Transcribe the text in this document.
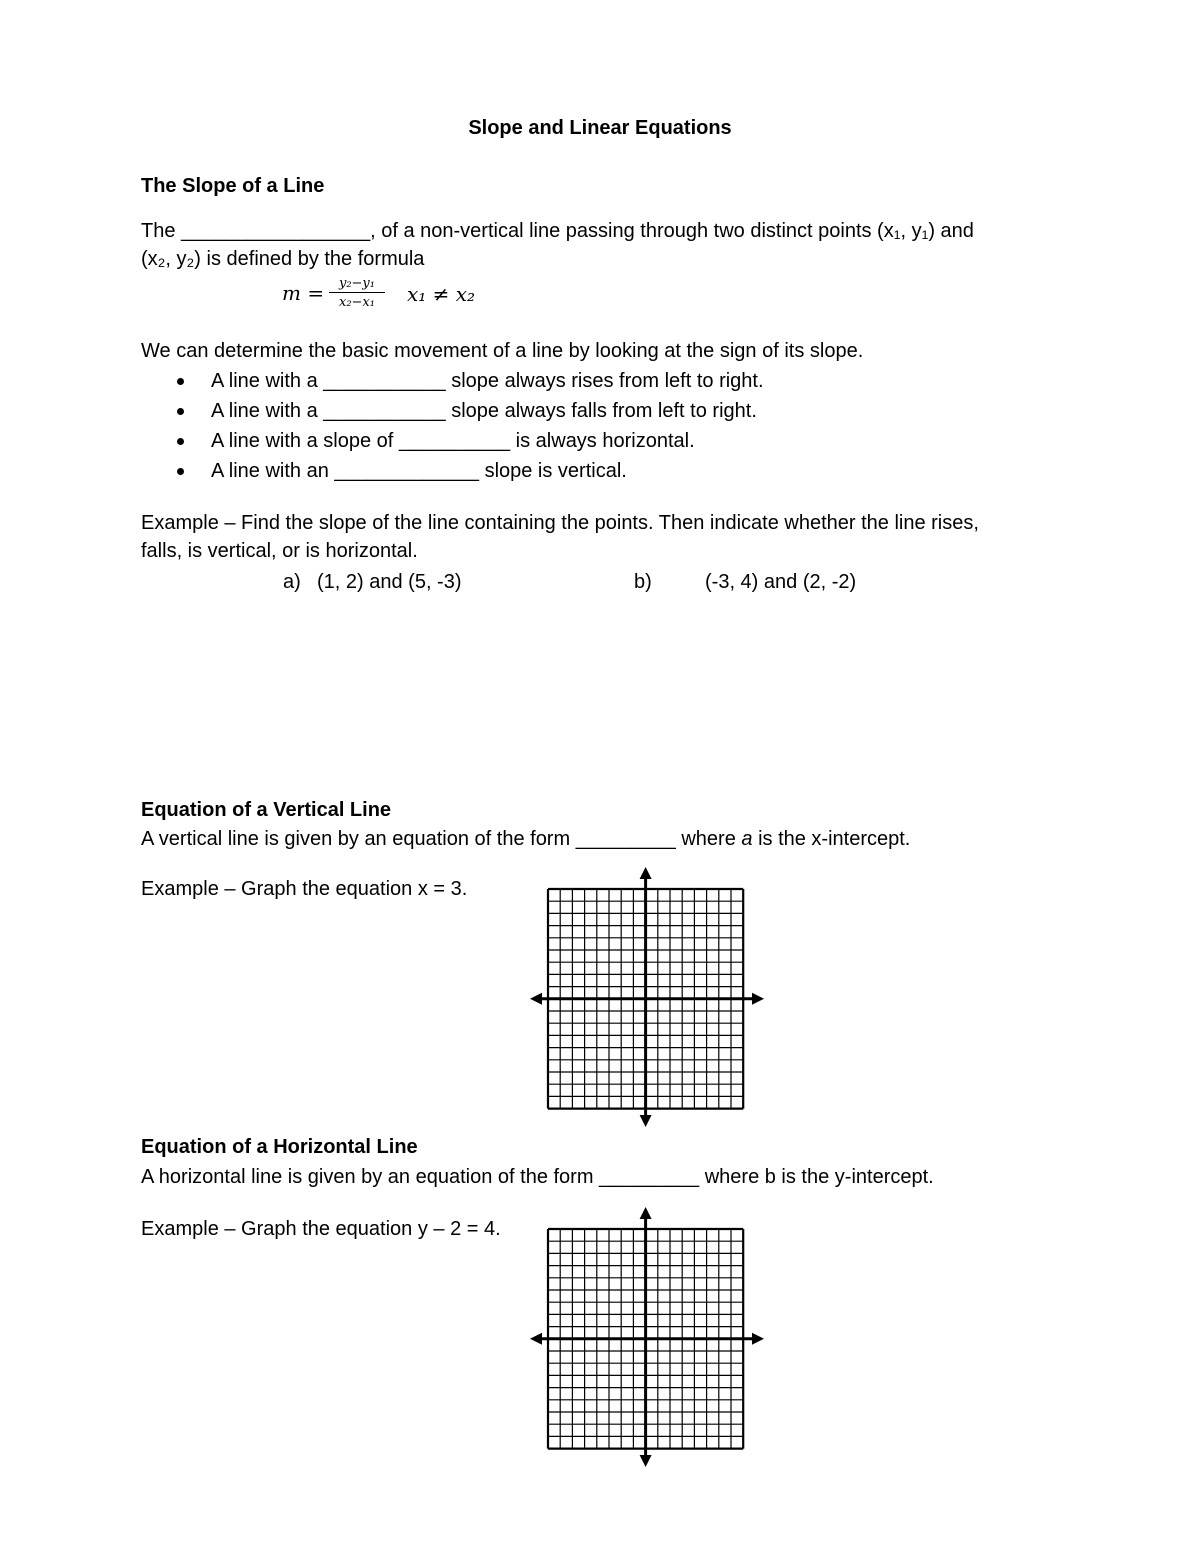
Slope and Linear Equations
The Slope of a Line
The _________________, of a non-vertical line passing through two distinct points (x₁, y₁) and
(x₂, y₂) is defined by the formula
$m = \frac{\text{y₂−y₁}}{\text{x₂−x₁}} x_1 \ne x_2$
We can determine the basic movement of a line by looking at the sign of its slope.
A line with a ___________ slope always rises from left to right.
A line with a ___________ slope always falls from left to right.
A line with a slope of __________ is always horizontal.
A line with an _____________ slope is vertical.
Example – Find the slope of the line containing the points. Then indicate whether the line rises,
falls, is vertical, or is horizontal.
a) (1, 2) and (5, -3)	b)	(-3, 4) and (2, -2)
Equation of a Vertical Line
A vertical line is given by an equation of the form _________ where a is the x-intercept.
Example – Graph the equation x = 3.
Equation of a Horizontal Line
A horizontal line is given by an equation of the form _________ where b is the y-intercept.
Example – Graph the equation y – 2 = 4.
